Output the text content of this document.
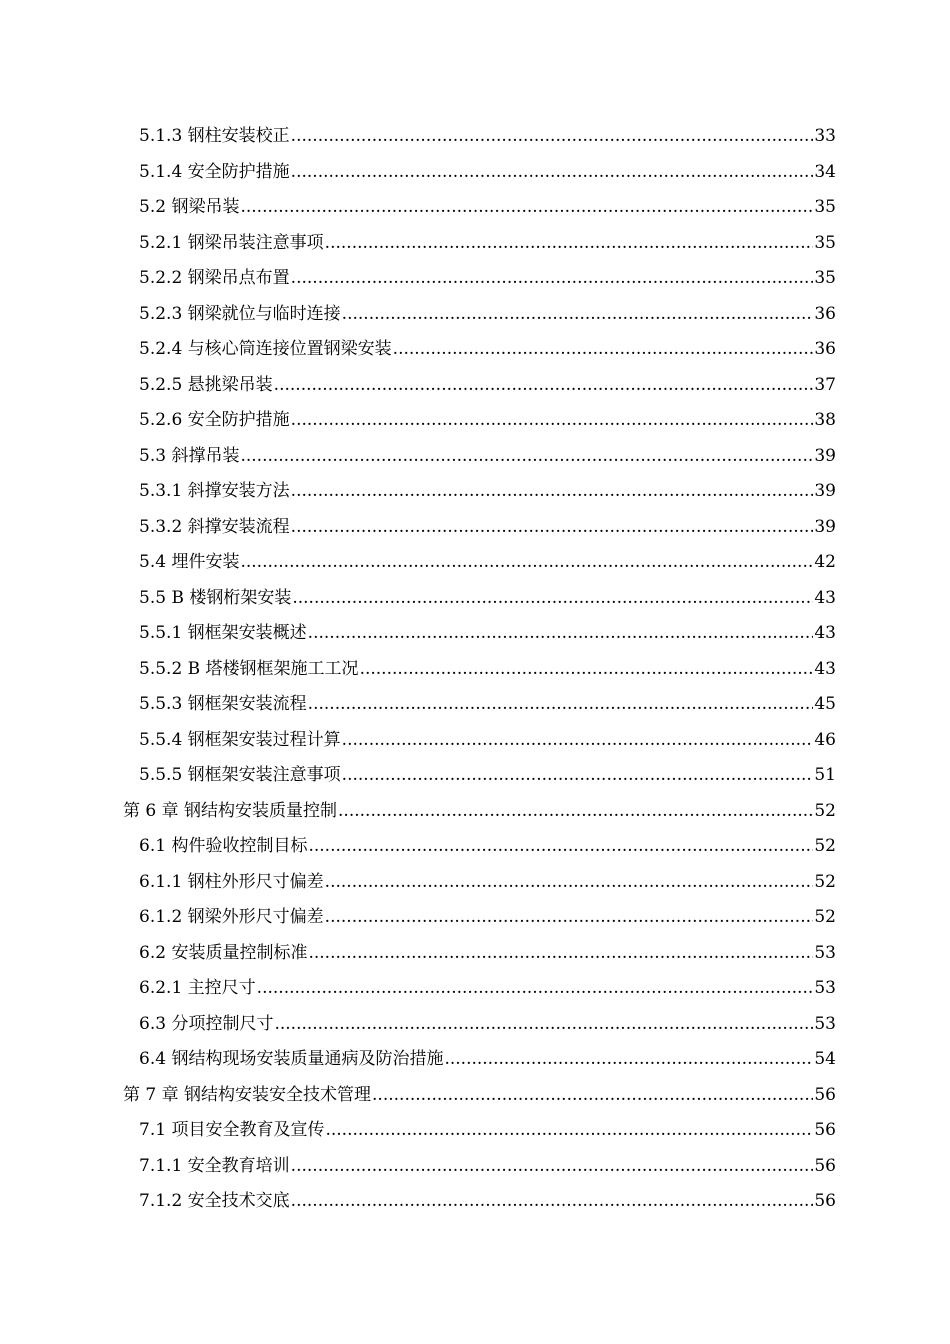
5.1.3 钢柱安装校正 .....	33
5.1.4 安全防护措施 .....	34
5.2 钢梁吊装 .....	35
5.2.1 钢梁吊装注意事项 .....	35
5.2.2 钢梁吊点布置 .....	35
5.2.3 钢梁就位与临时连接 .....	36
5.2.4 与核心筒连接位置钢梁安装 .....	36
5.2.5 悬挑梁吊装 .....	37
5.2.6 安全防护措施 .....	38
5.3 斜撑吊装 .....	39
5.3.1 斜撑安装方法 .....	39
5.3.2 斜撑安装流程 .....	39
5.4 埋件安装 .....	42
5.5 B 楼钢桁架安装 .....	43
5.5.1 钢框架安装概述 .....	43
5.5.2 B 塔楼钢框架施工工况 .....	43
5.5.3 钢框架安装流程 .....	45
5.5.4 钢框架安装过程计算 .....	46
5.5.5 钢框架安装注意事项 .....	51
第 6 章 钢结构安装质量控制 .....	52
6.1 构件验收控制目标 .....	52
6.1.1 钢柱外形尺寸偏差 .....	52
6.1.2 钢梁外形尺寸偏差 .....	52
6.2 安装质量控制标准 .....	53
6.2.1 主控尺寸 .....	53
6.3 分项控制尺寸 .....	53
6.4 钢结构现场安装质量通病及防治措施 .....	54
第 7 章 钢结构安装安全技术管理 .....	56
7.1 项目安全教育及宣传 .....	56
7.1.1 安全教育培训 .....	56
7.1.2 安全技术交底 .....	56
